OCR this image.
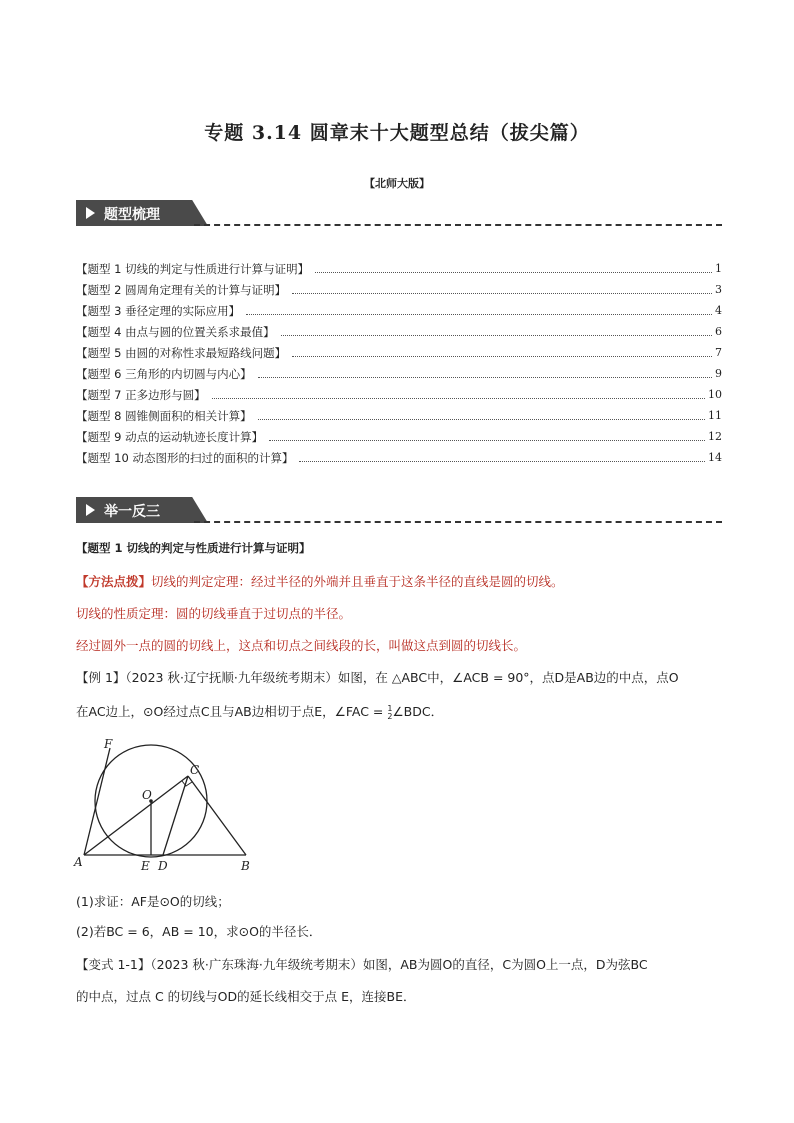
专题 3.14 圆章末十大题型总结（拔尖篇）
【北师大版】
题型梳理
【题型 1 切线的判定与性质进行计算与证明】	1
【题型 2 圆周角定理有关的计算与证明】	3
【题型 3 垂径定理的实际应用】	4
【题型 4 由点与圆的位置关系求最值】	6
【题型 5 由圆的对称性求最短路线问题】	7
【题型 6 三角形的内切圆与内心】	9
【题型 7 正多边形与圆】	10
【题型 8 圆锥侧面积的相关计算】	11
【题型 9 动点的运动轨迹长度计算】	12
【题型 10 动态图形的扫过的面积的计算】	14
举一反三
【题型 1 切线的判定与性质进行计算与证明】
【方法点拨】切线的判定定理：经过半径的外端并且垂直于这条半径的直线是圆的切线。
切线的性质定理：圆的切线垂直于过切点的半径。
经过圆外一点的圆的切线上，这点和切点之间线段的长，叫做这点到圆的切线长。
【例 1】（2023 秋·辽宁抚顺·九年级统考期末）如图，在 △ABC中，∠ACB = 90°，点D是AB边的中点，点O
在AC边上，⊙O经过点C且与AB边相切于点E，∠FAC = 1
2∠BDC．
F
C
O
A	E D	B
(1)求证：AF是⊙O的切线；
(2)若BC = 6，AB = 10，求⊙O的半径长．
【变式 1-1】（2023 秋·广东珠海·九年级统考期末）如图，AB为圆O的直径，C为圆O上一点，D为弦BC
的中点，过点 C 的切线与OD的延长线相交于点 E，连接BE．
